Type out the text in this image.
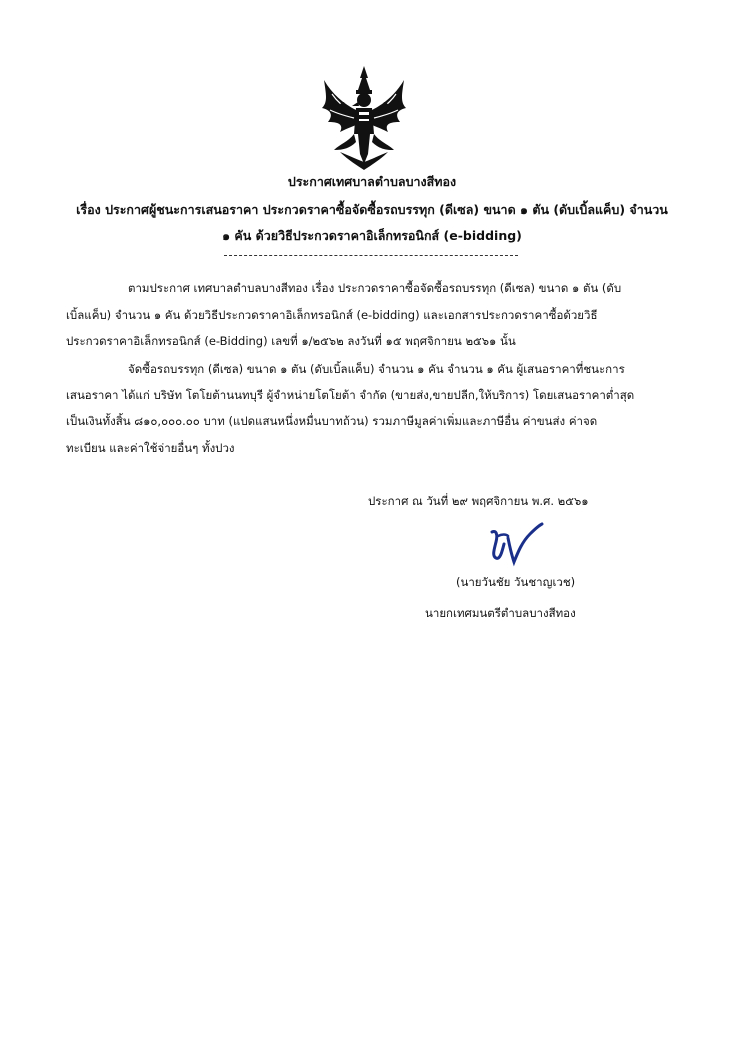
ประกาศเทศบาลตำบลบางสีทอง
เรื่อง ประกาศผู้ชนะการเสนอราคา ประกวดราคาซื้อจัดซื้อรถบรรทุก (ดีเซล) ขนาด ๑ ตัน (ดับเบิ้ลแค็บ) จำนวน
๑ คัน ด้วยวิธีประกวดราคาอิเล็กทรอนิกส์ (e-bidding)
ตามประกาศ เทศบาลตำบลบางสีทอง เรื่อง ประกวดราคาซื้อจัดซื้อรถบรรทุก (ดีเซล) ขนาด ๑ ตัน (ดับ
เบิ้ลแค็บ) จำนวน ๑ คัน ด้วยวิธีประกวดราคาอิเล็กทรอนิกส์ (e-bidding) และเอกสารประกวดราคาซื้อด้วยวิธี
ประกวดราคาอิเล็กทรอนิกส์ (e-Bidding) เลขที่ ๑/๒๕๖๒ ลงวันที่ ๑๕ พฤศจิกายน ๒๕๖๑ นั้น
จัดซื้อรถบรรทุก (ดีเซล) ขนาด ๑ ตัน (ดับเบิ้ลแค็บ) จำนวน ๑ คัน จำนวน ๑ คัน ผู้เสนอราคาที่ชนะการ
เสนอราคา ได้แก่ บริษัท โตโยต้านนทบุรี ผู้จำหน่ายโตโยต้า จำกัด (ขายส่ง,ขายปลีก,ให้บริการ) โดยเสนอราคาต่ำสุด
เป็นเงินทั้งสิ้น ๘๑๐,๐๐๐.๐๐ บาท (แปดแสนหนึ่งหมื่นบาทถ้วน) รวมภาษีมูลค่าเพิ่มและภาษีอื่น ค่าขนส่ง ค่าจด
ทะเบียน และค่าใช้จ่ายอื่นๆ ทั้งปวง
ประกาศ ณ วันที่ ๒๙ พฤศจิกายน พ.ศ. ๒๕๖๑
(นายวันชัย วันชาญเวช)
นายกเทศมนตรีตำบลบางสีทอง
